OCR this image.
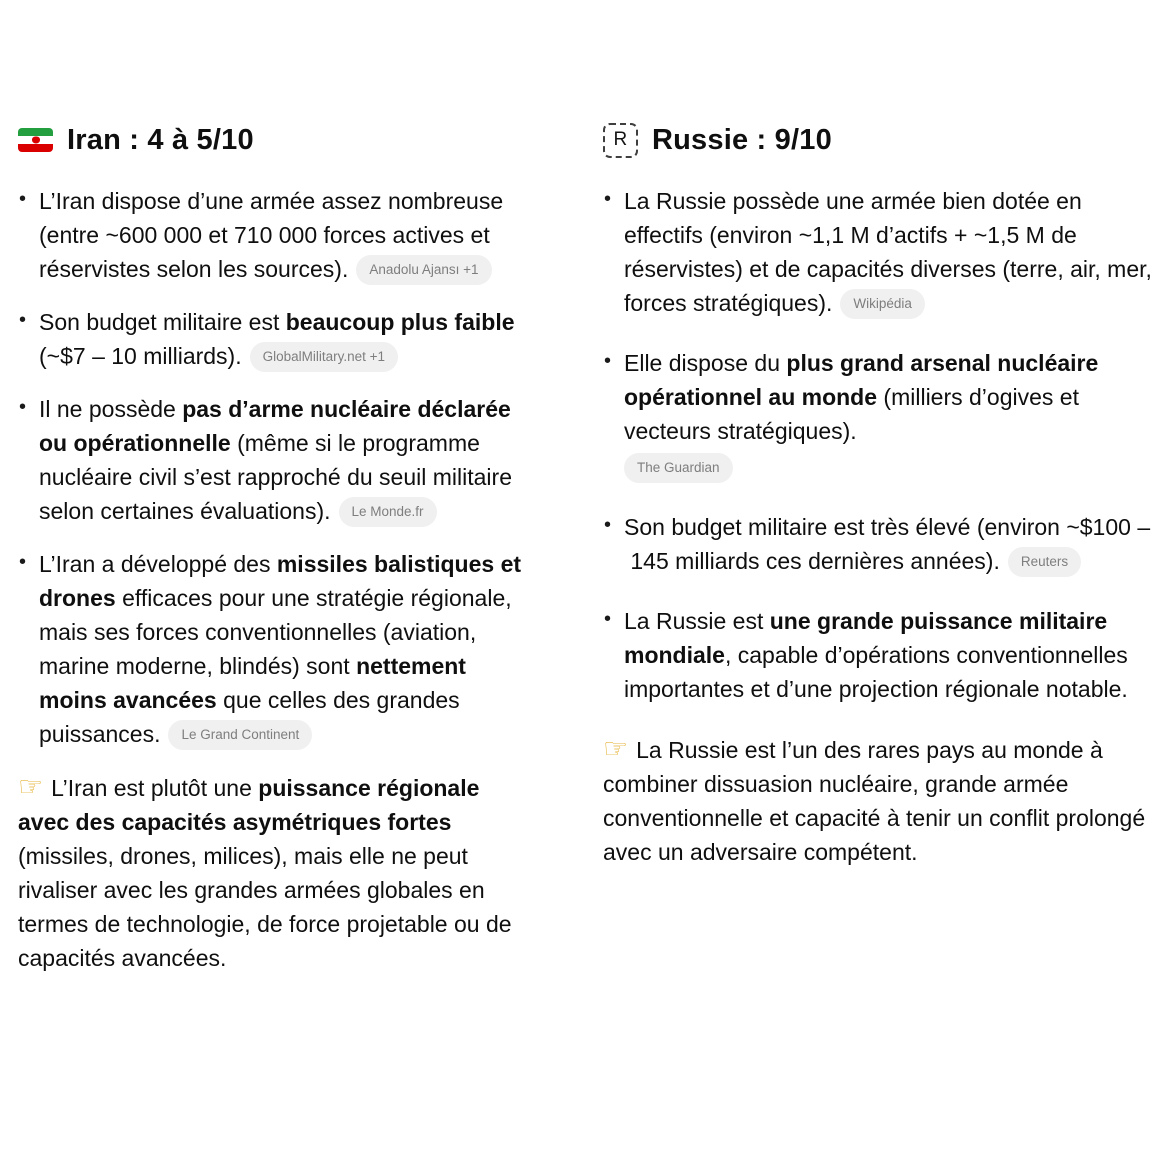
Iran : 4 à 5/10
• L’Iran dispose d’une armée assez nombreuse (entre ~600 000 et 710 000 forces actives et réservistes selon les sources). Anadolu Ajansı +1
• Son budget militaire est beaucoup plus faible (~$7 – 10 milliards). GlobalMilitary.net +1
• Il ne possède pas d’arme nucléaire déclarée ou opérationnelle (même si le programme nucléaire civil s’est rapproché du seuil militaire selon certaines évaluations). Le Monde.fr
• L’Iran a développé des missiles balistiques et drones efficaces pour une stratégie régionale, mais ses forces conventionnelles (aviation, marine moderne, blindés) sont nettement moins avancées que celles des grandes puissances. Le Grand Continent

☞ L’Iran est plutôt une puissance régionale avec des capacités asymétriques fortes (missiles, drones, milices), mais elle ne peut rivaliser avec les grandes armées globales en termes de technologie, de force projetable ou de capacités avancées.

R Russie : 9/10
• La Russie possède une armée bien dotée en effectifs (environ ~1,1 M d’actifs + ~1,5 M de réservistes) et de capacités diverses (terre, air, mer, forces stratégiques). Wikipédia
• Elle dispose du plus grand arsenal nucléaire opérationnel au monde (milliers d’ogives et vecteurs stratégiques).
The Guardian
• Son budget militaire est très élevé (environ ~$100 – 145 milliards ces dernières années). Reuters
• La Russie est une grande puissance militaire mondiale, capable d’opérations conventionnelles importantes et d’une projection régionale notable.

☞ La Russie est l’un des rares pays au monde à combiner dissuasion nucléaire, grande armée conventionnelle et capacité à tenir un conflit prolongé avec un adversaire compétent.
